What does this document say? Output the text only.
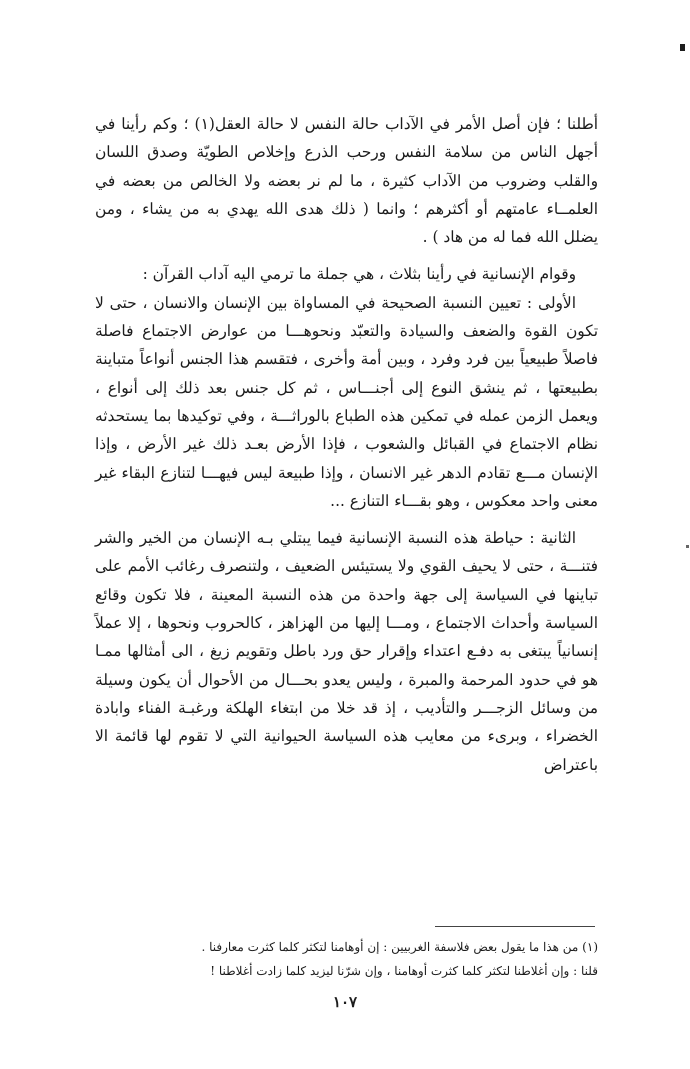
أطلنا ؛ فإن أصل الأمر في الآداب حالة النفس لا حالة العقل(١) ؛ وكم رأينا في أجهل الناس من سلامة النفس ورحب الذرع وإخلاص الطويّة وصدق اللسان والقلب وضروب من الآداب كثيرة ، ما لم نر بعضه ولا الخالص من بعضه في العلمــاء عامتهم أو أكثرهم ؛ وانما ( ذلك هدى الله يهدي به من يشاء ، ومن يضلل الله فما له من هاد ) .

وقوام الإنسانية في رأينا بثلاث ، هي جملة ما ترمي اليه آداب القرآن :

الأولى : تعيين النسبة الصحيحة في المساواة بين الإنسان والانسان ، حتى لا تكون القوة والضعف والسيادة والتعبّد ونحوهـــا من عوارض الاجتماع فاصلة فاصلاً طبيعياً بين فرد وفرد ، وبين أمة وأخرى ، فتقسم هذا الجنس أنواعاً متباينة بطبيعتها ، ثم ينشق النوع إلى أجنـــاس ، ثم كل جنس بعد ذلك إلى أنواع ، ويعمل الزمن عمله في تمكين هذه الطباع بالوراثـــة ، وفي توكيدها بما يستحدثه نظام الاجتماع في القبائل والشعوب ، فإذا الأرض بعـد ذلك غير الأرض ، وإذا الإنسان مـــع تقادم الدهر غير الانسان ، وإذا طبيعة ليس فيهـــا لتنازع البقاء غير معنى واحد معكوس ، وهو بقـــاء التنازع ...

الثانية : حياطة هذه النسبة الإنسانية فيما يبتلي بـه الإنسان من الخير والشر فتنـــة ، حتى لا يحيف القوي ولا يستيئس الضعيف ، ولتنصرف رغائب الأمم على تباينها في السياسة إلى جهة واحدة من هذه النسبة المعينة ، فلا تكون وقائع السياسة وأحداث الاجتماع ، ومـــا إليها من الهزاهز ، كالحروب ونحوها ، إلا عملاً إنسانياً يبتغى به دفـع اعتداء وإقرار حق ورد باطل وتقويم زيغ ، الى أمثالها ممـا هو في حدود المرحمة والمبرة ، وليس يعدو بحـــال من الأحوال أن يكون وسيلة من وسائل الزجـــر والتأديب ، إذ قد خلا من ابتغاء الهلكة ورغبـة الفناء وابادة الخضراء ، وبرىء من معايب هذه السياسة الحيوانية التي لا تقوم لها قائمة الا باعتراض

(١) من هذا ما يقول بعض فلاسفة الغربيين : إن أوهامنا لتكثر كلما كثرت معارفنا .

قلنا : وإن أغلاطنا لتكثر كلما كثرت أوهامنا ، وإن شرّنا ليزيد كلما زادت أغلاطنا !

١٠٧
